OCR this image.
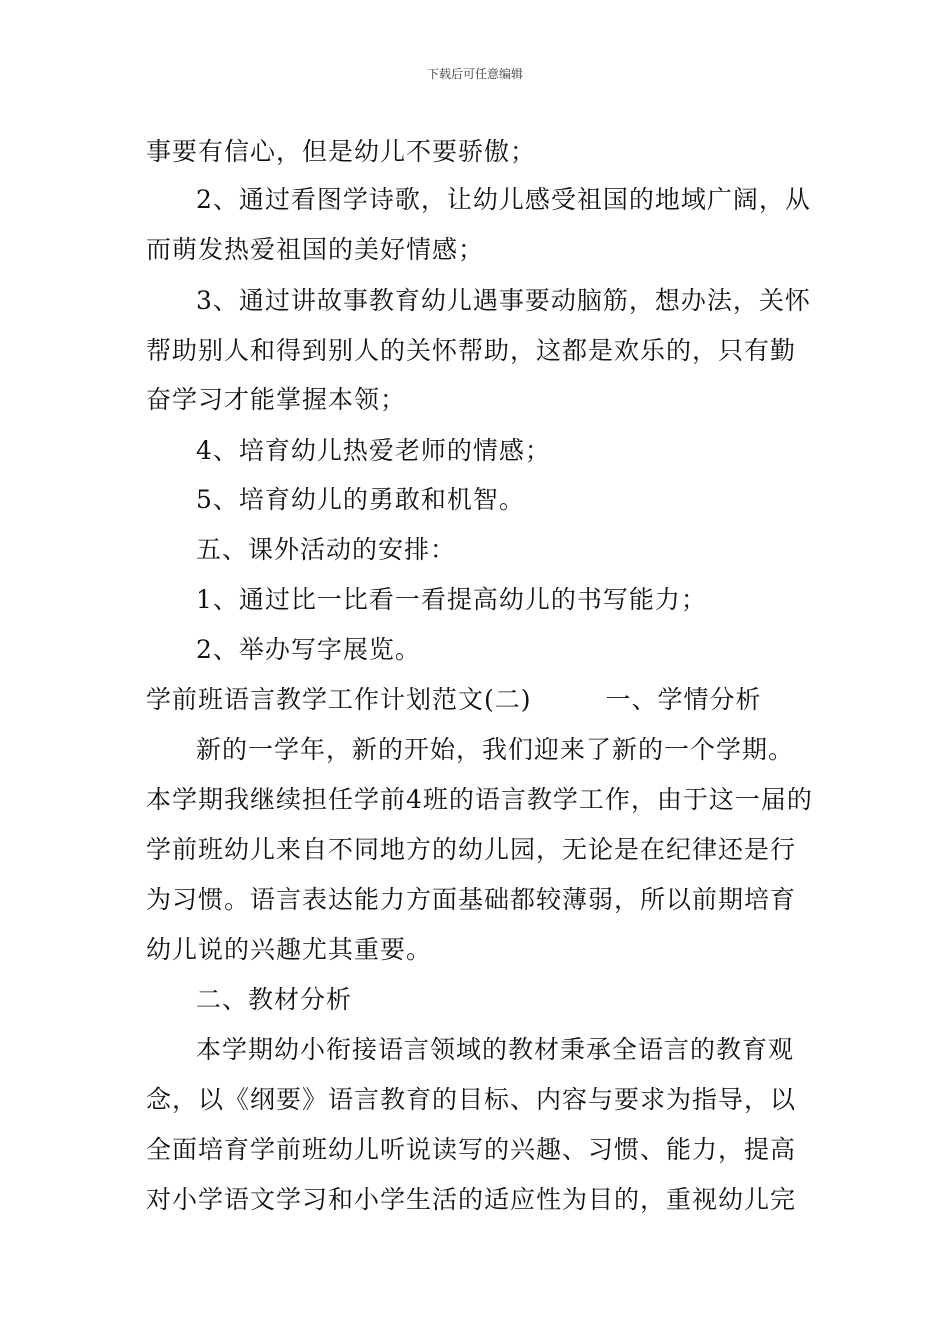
下载后可任意编辑
事要有信心，但是幼儿不要骄傲；
2、通过看图学诗歌，让幼儿感受祖国的地域广阔，从
而萌发热爱祖国的美好情感；
3、通过讲故事教育幼儿遇事要动脑筋，想办法，关怀
帮助别人和得到别人的关怀帮助，这都是欢乐的，只有勤
奋学习才能掌握本领；
4、培育幼儿热爱老师的情感；
5、培育幼儿的勇敢和机智。
五、课外活动的安排：
1、通过比一比看一看提高幼儿的书写能力；
2、举办写字展览。
学前班语言教学工作计划范文(二)	一、学情分析
新的一学年，新的开始，我们迎来了新的一个学期。
本学期我继续担任学前4班的语言教学工作，由于这一届的
学前班幼儿来自不同地方的幼儿园，无论是在纪律还是行
为习惯。语言表达能力方面基础都较薄弱，所以前期培育
幼儿说的兴趣尤其重要。
二、教材分析
本学期幼小衔接语言领域的教材秉承全语言的教育观
念，以《纲要》语言教育的目标、内容与要求为指导，以
全面培育学前班幼儿听说读写的兴趣、习惯、能力，提高
对小学语文学习和小学生活的适应性为目的，重视幼儿完
